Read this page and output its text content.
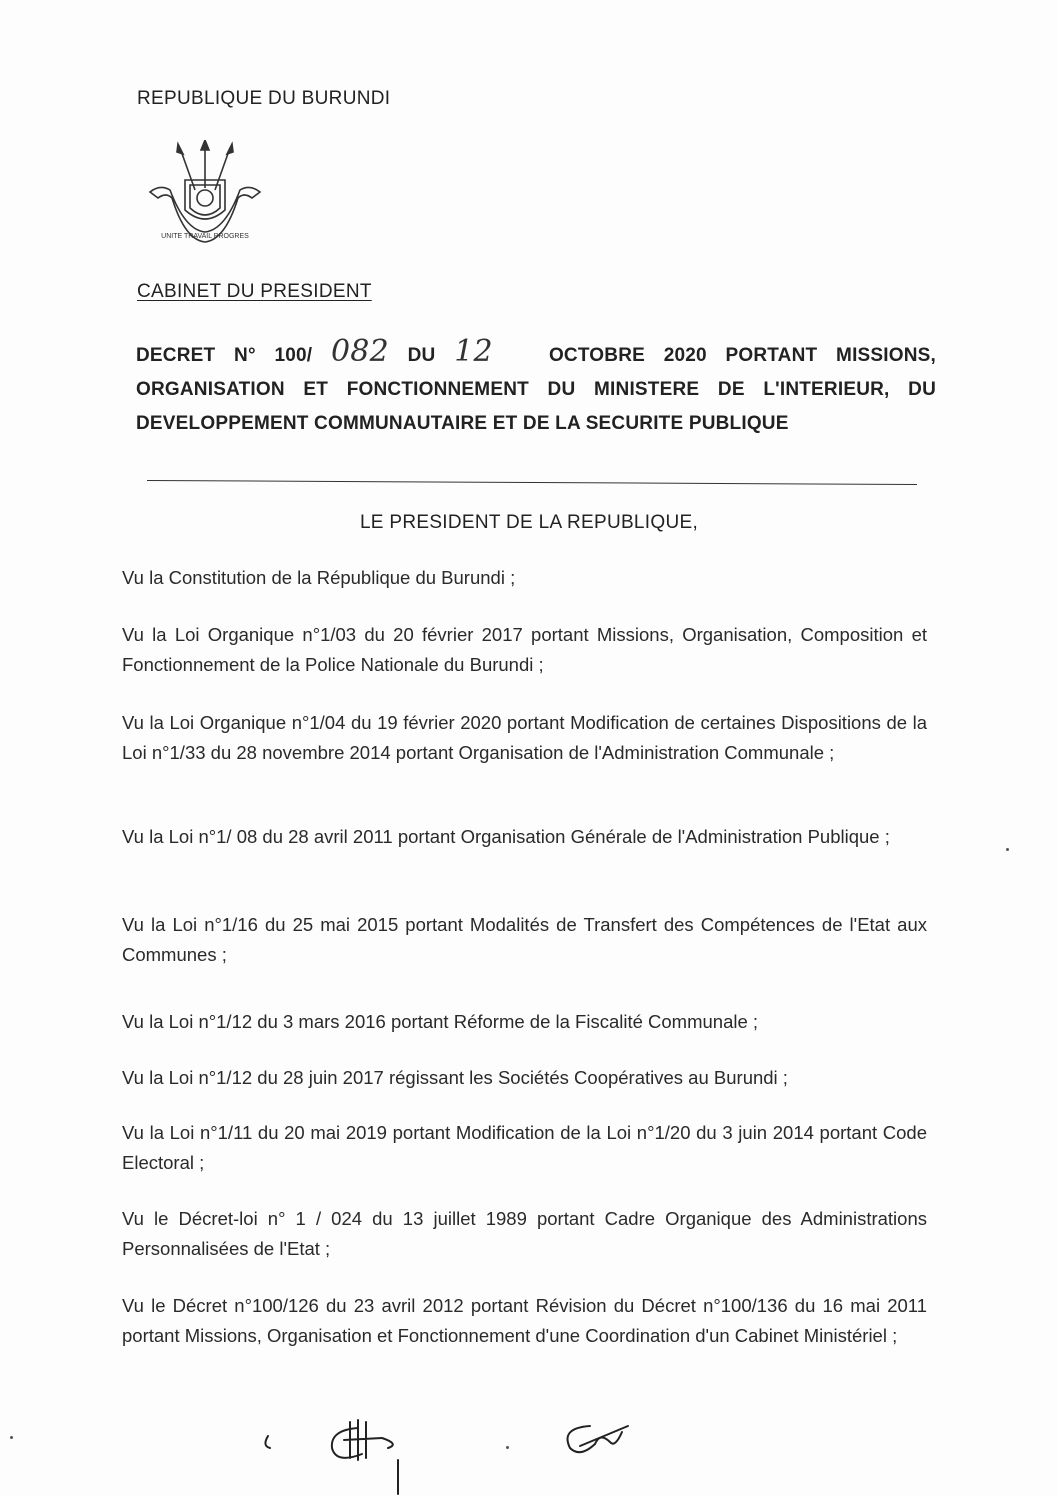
REPUBLIQUE DU BURUNDI
UNITE TRAVAIL PROGRES
CABINET DU PRESIDENT
DECRET N° 100/ 082 DU 12	OCTOBRE 2020 PORTANT MISSIONS, ORGANISATION ET FONCTIONNEMENT DU MINISTERE DE L'INTERIEUR, DU DEVELOPPEMENT COMMUNAUTAIRE ET DE LA SECURITE PUBLIQUE
LE PRESIDENT DE LA REPUBLIQUE,
Vu la Constitution de la République du Burundi ;
Vu la Loi Organique n°1/03 du 20 février 2017 portant Missions, Organisation, Composition et Fonctionnement de la Police Nationale du Burundi ;
Vu la Loi Organique n°1/04 du 19 février 2020 portant Modification de certaines Dispositions de la Loi n°1/33 du 28 novembre 2014 portant Organisation de l'Administration Communale ;
Vu la Loi n°1/ 08 du 28 avril 2011 portant Organisation Générale de l'Administration Publique ;
Vu la Loi n°1/16 du 25 mai 2015 portant Modalités de Transfert des Compétences de l'Etat aux Communes ;
Vu la Loi n°1/12 du 3 mars 2016 portant Réforme de la Fiscalité Communale ;
Vu la Loi n°1/12 du 28 juin 2017 régissant les Sociétés Coopératives au Burundi ;
Vu la Loi n°1/11 du 20 mai 2019 portant Modification de la Loi n°1/20 du 3 juin 2014 portant Code Electoral ;
Vu le Décret-loi n° 1 / 024 du 13 juillet 1989 portant Cadre Organique des Administrations Personnalisées de l'Etat ;
Vu le Décret n°100/126 du 23 avril 2012 portant Révision du Décret n°100/136 du 16 mai 2011 portant Missions, Organisation et Fonctionnement d'une Coordination d'un Cabinet Ministériel ;
